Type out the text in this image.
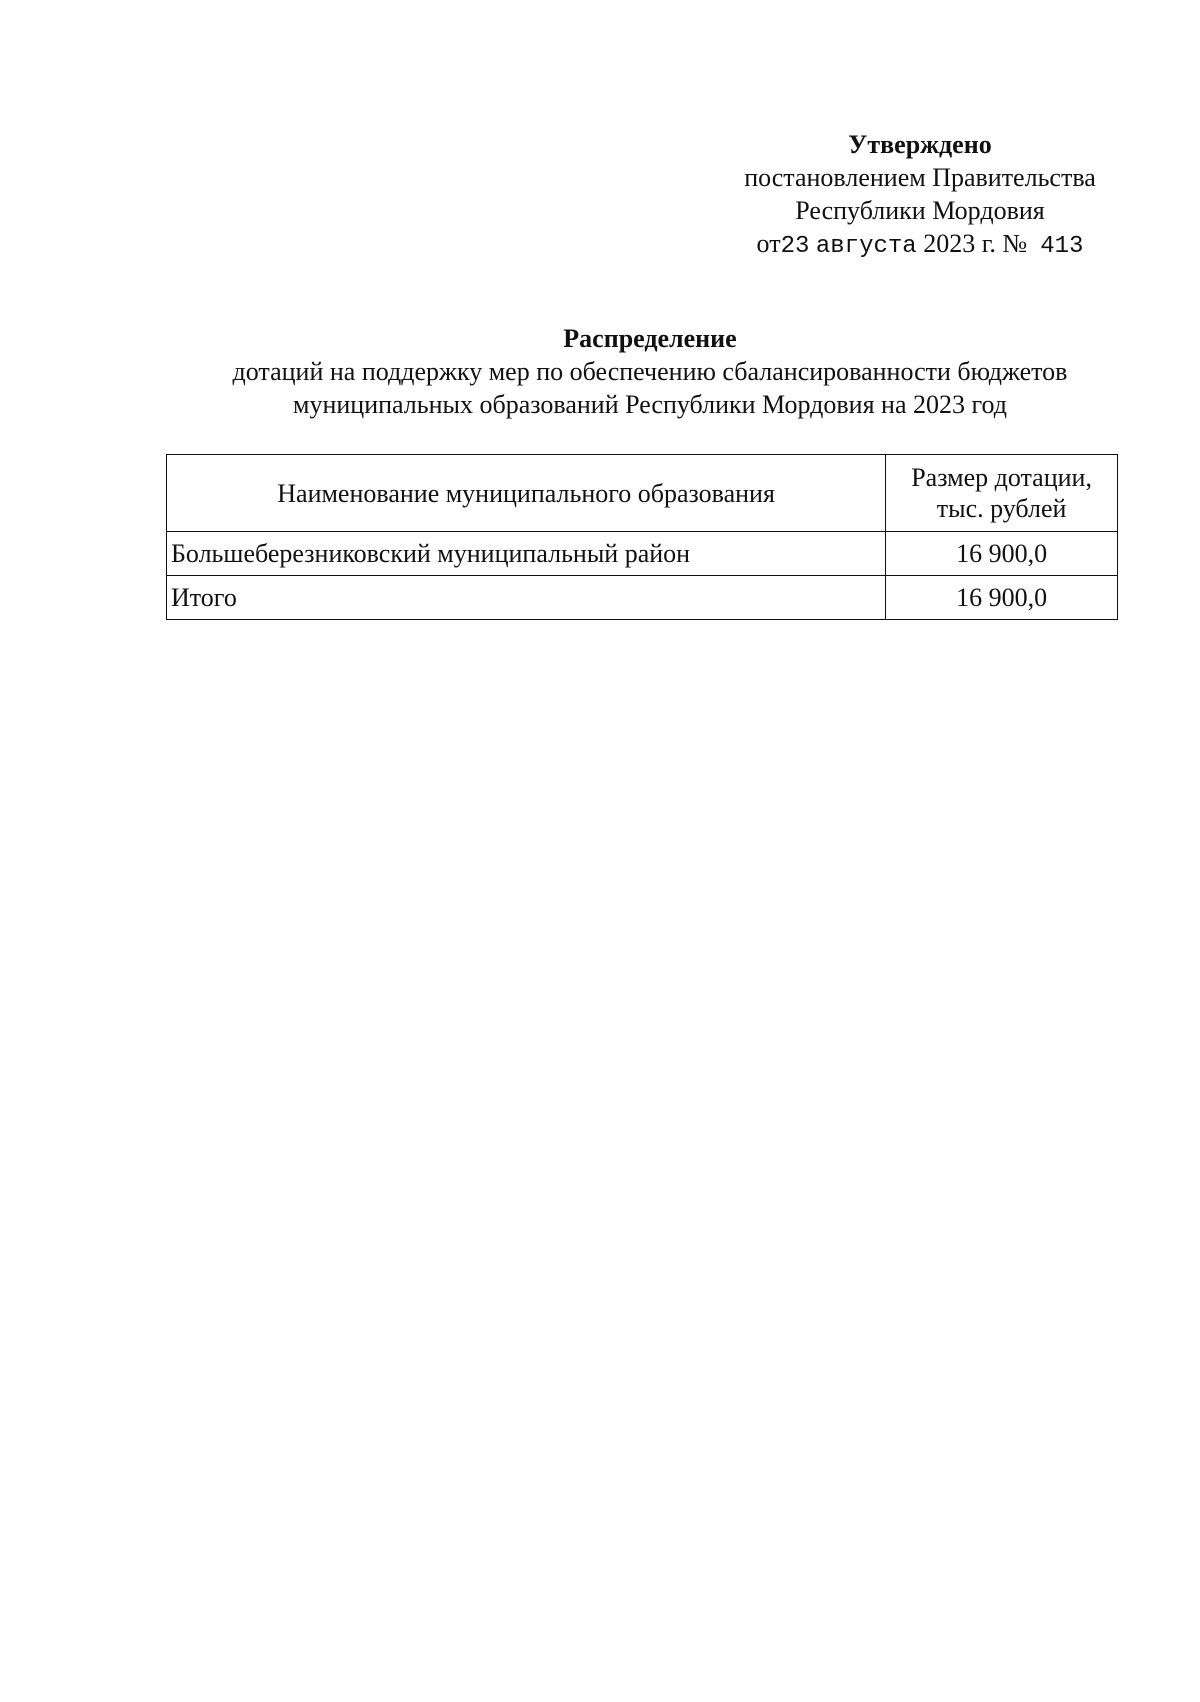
Утверждено
постановлением Правительства
Республики Мордовия
от23 августа 2023 г. № 413
Распределение
дотаций на поддержку мер по обеспечению сбалансированности бюджетов
муниципальных образований Республики Мордовия на 2023 год
Наименование муниципального образования	Размер дотации,
тыс. рублей

Большеберезниковский муниципальный район	16 900,0
Итого	16 900,0
